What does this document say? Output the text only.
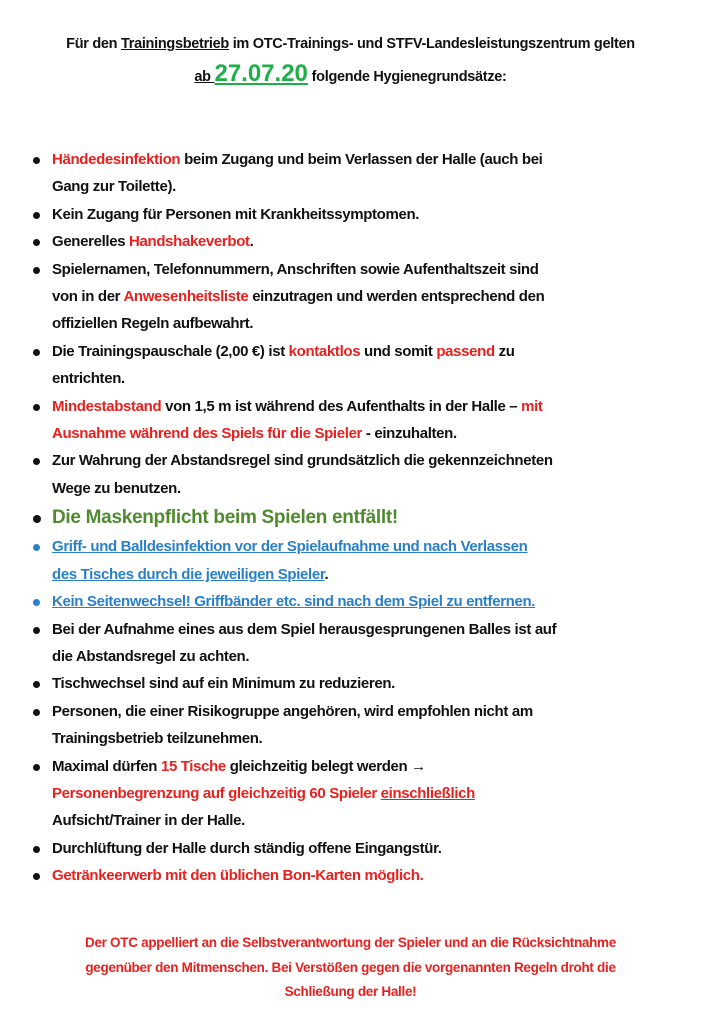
Für den Trainingsbetrieb im OTC-Trainings- und STFV-Landesleistungszentrum gelten
ab 27.07.20 folgende Hygienegrundsätze:
Händedesinfektion beim Zugang und beim Verlassen der Halle (auch bei
Gang zur Toilette).
Kein Zugang für Personen mit Krankheitssymptomen.
Generelles Handshakeverbot.
Spielernamen, Telefonnummern, Anschriften sowie Aufenthaltszeit sind
von in der Anwesenheitsliste einzutragen und werden entsprechend den
offiziellen Regeln aufbewahrt.
Die Trainingspauschale (2,00 €) ist kontaktlos und somit passend zu
entrichten.
Mindestabstand von 1,5 m ist während des Aufenthalts in der Halle – mit
Ausnahme während des Spiels für die Spieler - einzuhalten.
Zur Wahrung der Abstandsregel sind grundsätzlich die gekennzeichneten
Wege zu benutzen.
Die Maskenpflicht beim Spielen entfällt!
Griff- und Balldesinfektion vor der Spielaufnahme und nach Verlassen
des Tisches durch die jeweiligen Spieler.
Kein Seitenwechsel! Griffbänder etc. sind nach dem Spiel zu entfernen.
Bei der Aufnahme eines aus dem Spiel herausgesprungenen Balles ist auf
die Abstandsregel zu achten.
Tischwechsel sind auf ein Minimum zu reduzieren.
Personen, die einer Risikogruppe angehören, wird empfohlen nicht am
Trainingsbetrieb teilzunehmen.
Maximal dürfen 15 Tische gleichzeitig belegt werden →
Personenbegrenzung auf gleichzeitig 60 Spieler einschließlich
Aufsicht/Trainer in der Halle.
Durchlüftung der Halle durch ständig offene Eingangstür.
Getränkeerwerb mit den üblichen Bon-Karten möglich.
Der OTC appelliert an die Selbstverantwortung der Spieler und an die Rücksichtnahme
gegenüber den Mitmenschen. Bei Verstößen gegen die vorgenannten Regeln droht die
Schließung der Halle!
